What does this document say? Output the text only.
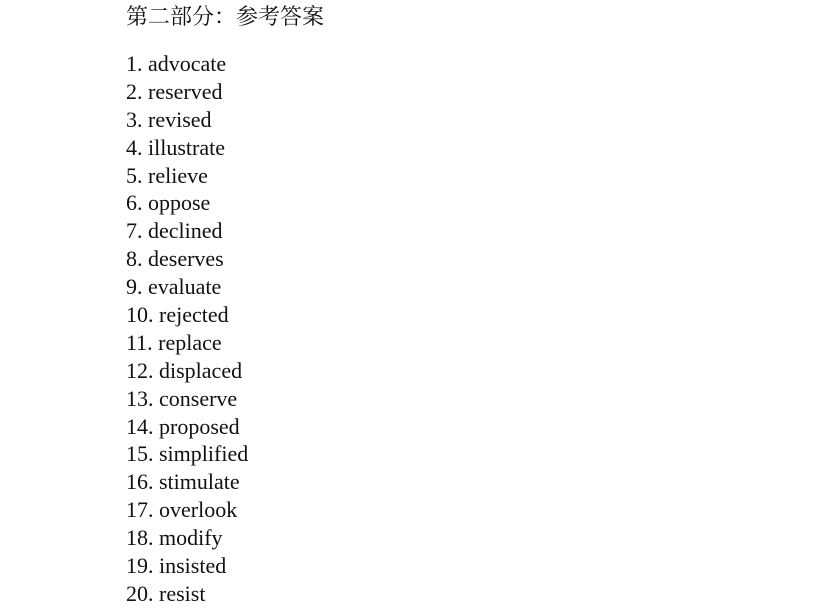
第二部分：参考答案
1. advocate
2. reserved
3. revised
4. illustrate
5. relieve
6. oppose
7. declined
8. deserves
9. evaluate
10. rejected
11. replace
12. displaced
13. conserve
14. proposed
15. simplified
16. stimulate
17. overlook
18. modify
19. insisted
20. resist
